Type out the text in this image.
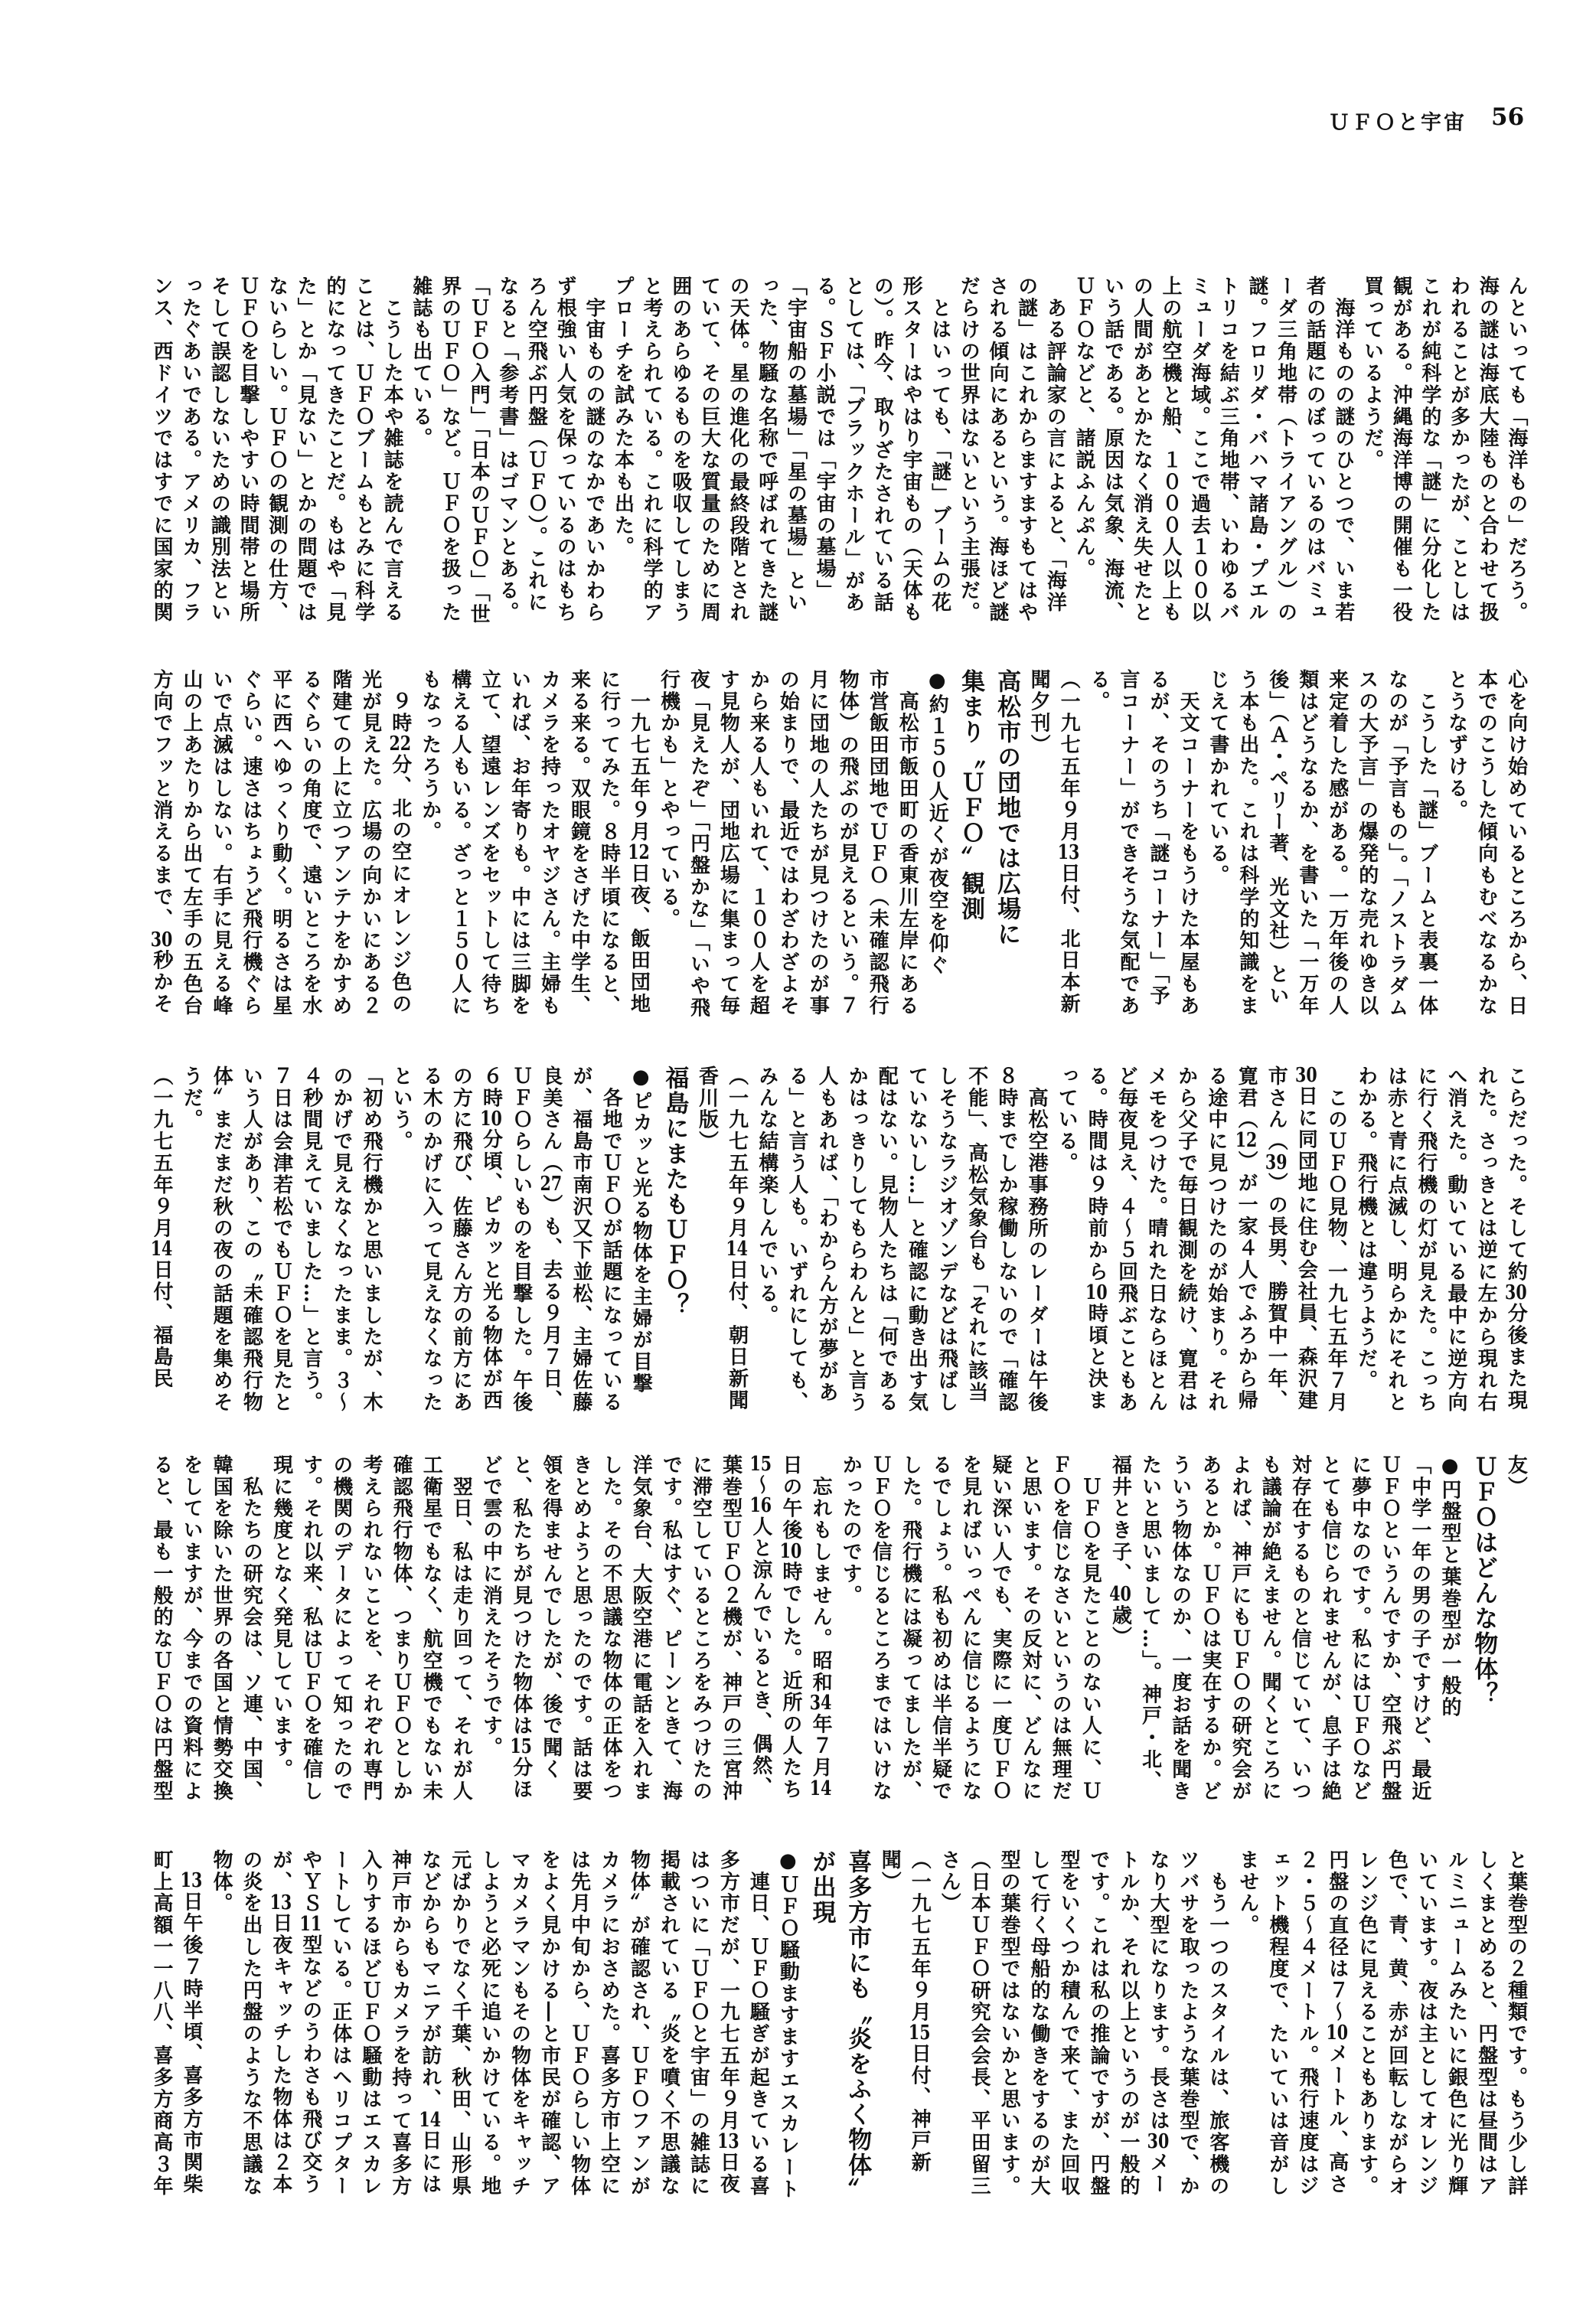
ＵＦＯと宇宙 56
んといっても「海洋もの」だろう。
海の謎は海底大陸ものと合わせて扱
われることが多かったが、ことしは
これが純科学的な「謎」に分化した
観がある。沖縄海洋博の開催も一役
買っているようだ。
　海洋ものの謎のひとつで、いま若
者の話題にのぼっているのはバミュ
ーダ三角地帯（トライアングル）の
謎。フロリダ・バハマ諸島・プエル
トリコを結ぶ三角地帯、いわゆるバ
ミューダ海域。ここで過去１００以
上の航空機と船、１０００人以上も
の人間があとかたなく消え失せたと
いう話である。原因は気象、海流、
ＵＦＯなどと、諸説ふんぷん。
　ある評論家の言によると、「海洋
の謎」はこれからますますもてはや
される傾向にあるという。海ほど謎
だらけの世界はないという主張だ。
　とはいっても、「謎」ブームの花
形スターはやはり宇宙もの（天体も
の）。昨今、取りざたされている話
としては、「ブラックホール」があ
る。ＳＦ小説では「宇宙の墓場」
「宇宙船の墓場」「星の墓場」とい
った、物騒な名称で呼ばれてきた謎
の天体。星の進化の最終段階とされ
ていて、その巨大な質量のために周
囲のあらゆるものを吸収してしまう
と考えられている。これに科学的ア
プローチを試みた本も出た。
　宇宙ものの謎のなかであいかわら
ず根強い人気を保っているのはもち
ろん空飛ぶ円盤（ＵＦＯ）。これに
なると「参考書」はゴマンとある。
「ＵＦＯ入門」「日本のＵＦＯ」「世
界のＵＦＯ」など。ＵＦＯを扱った
雑誌も出ている。
　こうした本や雑誌を読んで言える
ことは、ＵＦＯブームもとみに科学
的になってきたことだ。もはや「見
た」とか「見ない」とかの問題では
ないらしい。ＵＦＯの観測の仕方、
ＵＦＯを目撃しやすい時間帯と場所
そして誤認しないための識別法とい
ったぐあいである。アメリカ、フラ
ンス、西ドイツではすでに国家的関
心を向け始めているところから、日
本でのこうした傾向もむべなるかな
とうなずける。
　こうした「謎」ブームと表裏一体
なのが「予言もの」。「ノストラダム
スの大予言」の爆発的な売れゆき以
来定着した感がある。一万年後の人
類はどうなるか、を書いた「一万年
後」（Ａ・ペリー著、光文社）とい
う本も出た。これは科学的知識をま
じえて書かれている。
　天文コーナーをもうけた本屋もあ
るが、そのうち「謎コーナー」「予
言コーナー」ができそうな気配であ
る。
（一九七五年９月13日付、北日本新
聞夕刊）
高松市の団地では広場に
集まり〝ＵＦＯ〟観測
●約１５０人近くが夜空を仰ぐ
　高松市飯田町の香東川左岸にある
市営飯田団地でＵＦＯ（未確認飛行
物体）の飛ぶのが見えるという。７
月に団地の人たちが見つけたのが事
の始まりで、最近ではわざわざよそ
から来る人もいれて、１００人を超
す見物人が、団地広場に集まって毎
夜「見えたぞ」「円盤かな」「いや飛
行機かも」とやっている。
　一九七五年９月12日夜、飯田団地
に行ってみた。８時半頃になると、
来る来る。双眼鏡をさげた中学生、
カメラを持ったオヤジさん。主婦も
いれば、お年寄りも。中には三脚を
立て、望遠レンズをセットして待ち
構える人もいる。ざっと１５０人に
もなったろうか。
　９時22分、北の空にオレンジ色の
光が見えた。広場の向かいにある２
階建ての上に立つアンテナをかすめ
るぐらいの角度で、遠いところを水
平に西へゆっくり動く。明るさは星
ぐらい。速さはちょうど飛行機ぐら
いで点滅はしない。右手に見える峰
山の上あたりから出て左手の五色台
方向でフッと消えるまで、30秒かそ
こらだった。そして約30分後また現
れた。さっきとは逆に左から現れ右
へ消えた。動いている最中に逆方向
に行く飛行機の灯が見えた。こっち
は赤と青に点滅し、明らかにそれと
わかる。飛行機とは違うようだ。
　このＵＦＯ見物、一九七五年７月
30日に同団地に住む会社員、森沢建
市さん（39）の長男、勝賀中一年、
寛君（12）が一家４人でふろから帰
る途中に見つけたのが始まり。それ
から父子で毎日観測を続け、寛君は
メモをつけた。晴れた日ならほとん
ど毎夜見え、４〜５回飛ぶこともあ
る。時間は９時前から10時頃と決ま
っている。
　高松空港事務所のレーダーは午後
８時までしか稼働しないので「確認
不能」、高松気象台も「それに該当
しそうなラジオゾンデなどは飛ばし
ていないし…」と確認に動き出す気
配はない。見物人たちは「何である
かはっきりしてもらわんと」と言う
人もあれば、「わからん方が夢があ
る」と言う人も。いずれにしても、
みんな結構楽しんでいる。
（一九七五年９月14日付、朝日新聞
香川版）
福島にまたもＵＦＯ？
●ピカッと光る物体を主婦が目撃
　各地でＵＦＯが話題になっている
が、福島市南沢又下並松、主婦佐藤
良美さん（27）も、去る９月７日、
ＵＦＯらしいものを目撃した。午後
６時10分頃、ピカッと光る物体が西
の方に飛び、佐藤さん方の前方にあ
る木のかげに入って見えなくなった
という。
「初め飛行機かと思いましたが、木
のかげで見えなくなったまま。３〜
４秒間見えていました…」と言う。
７日は会津若松でもＵＦＯを見たと
いう人があり、この〝未確認飛行物
体〟まだまだ秋の夜の話題を集めそ
うだ。
（一九七五年９月14日付、福島民
友）
ＵＦＯはどんな物体？
●円盤型と葉巻型が一般的
「中学一年の男の子ですけど、最近
ＵＦＯというんですか、空飛ぶ円盤
に夢中なのです。私にはＵＦＯなど
とても信じられませんが、息子は絶
対存在するものと信じていて、いつ
も議論が絶えません。聞くところに
よれば、神戸にもＵＦＯの研究会が
あるとか。ＵＦＯは実在するか。ど
ういう物体なのか、一度お話を聞き
たいと思いまして…」。神戸・北、
福井とき子、40歳）
　ＵＦＯを見たことのない人に、Ｕ
ＦＯを信じなさいというのは無理だ
と思います。その反対に、どんなに
疑い深い人でも、実際に一度ＵＦＯ
を見ればいっぺんに信じるようにな
るでしょう。私も初めは半信半疑で
した。飛行機には凝ってましたが、
ＵＦＯを信じるところまではいけな
かったのです。
　忘れもしません。昭和34年７月14
日の午後10時でした。近所の人たち
15〜16人と涼んでいるとき、偶然、
葉巻型ＵＦＯ２機が、神戸の三宮沖
に滞空しているところをみつけたの
です。私はすぐ、ピーンときて、海
洋気象台、大阪空港に電話を入れま
した。その不思議な物体の正体をつ
きとめようと思ったのです。話は要
領を得ませんでしたが、後で聞く
と、私たちが見つけた物体は15分ほ
どで雲の中に消えたそうです。
　翌日、私は走り回って、それが人
工衛星でもなく、航空機でもない未
確認飛行物体、つまりＵＦＯとしか
考えられないことを、それぞれ専門
の機関のデータによって知ったので
す。それ以来、私はＵＦＯを確信し
現に幾度となく発見しています。
　私たちの研究会は、ソ連、中国、
韓国を除いた世界の各国と情勢交換
をしていますが、今までの資料によ
ると、最も一般的なＵＦＯは円盤型
と葉巻型の２種類です。もう少し詳
しくまとめると、円盤型は昼間はア
ルミニュームみたいに銀色に光り輝
いています。夜は主としてオレンジ
色で、青、黄、赤が回転しながらオ
レンジ色に見えることもあります。
円盤の直径は７〜10メートル、高さ
２・５〜４メートル。飛行速度はジ
ェット機程度で、たいていは音がし
ません。
　もう一つのスタイルは、旅客機の
ツバサを取ったような葉巻型で、か
なり大型になります。長さは30メー
トルか、それ以上というのが一般的
です。これは私の推論ですが、円盤
型をいくつか積んで来て、また回収
して行く母船的な働きをするのが大
型の葉巻型ではないかと思います。
（日本ＵＦＯ研究会会長、平田留三
さん）
（一九七五年９月15日付、神戸新
聞）
喜多方市にも〝炎をふく物体〟
が出現
●ＵＦＯ騒動ますますエスカレート
　連日、ＵＦＯ騒ぎが起きている喜
多方市だが、一九七五年９月13日夜
はついに「ＵＦＯと宇宙」の雑誌に
掲載されている〝炎を噴く不思議な
物体〟が確認され、ＵＦＯファンが
カメラにおさめた。喜多方市上空に
は先月中旬から、ＵＦＯらしい物体
をよく見かける―と市民が確認、ア
マカメラマンもその物体をキャッチ
しようと必死に追いかけている。地
元ばかりでなく千葉、秋田、山形県
などからもマニアが訪れ、14日には
神戸市からもカメラを持って喜多方
入りするほどＵＦＯ騒動はエスカレ
ートしている。正体はヘリコプター
やＹＳ11型などのうわさも飛び交う
が、13日夜キャッチした物体は２本
の炎を出した円盤のような不思議な
物体。
　13日午後７時半頃、喜多方市関柴
町上高額一一八八、喜多方商高３年
